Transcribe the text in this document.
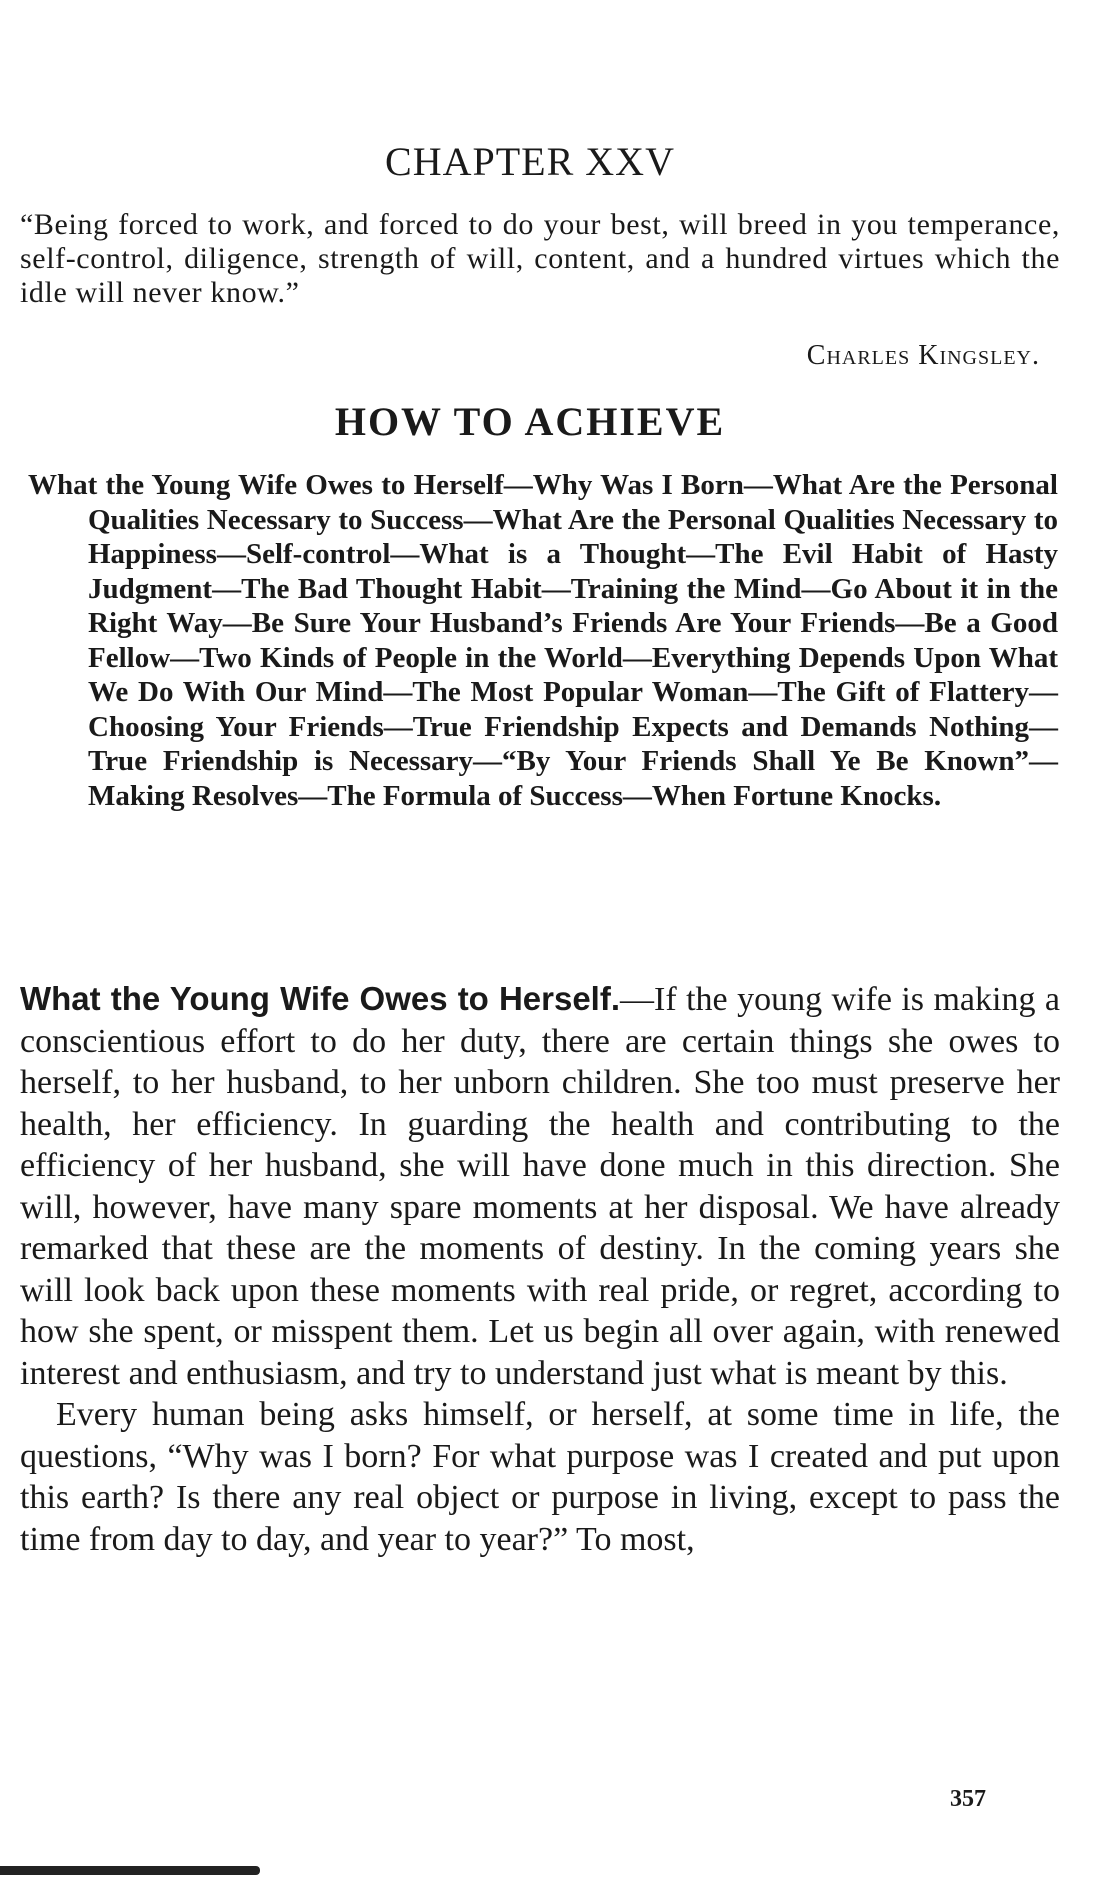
CHAPTER XXV
“Being forced to work, and forced to do your best, will breed in you temperance, self-control, diligence, strength of will, content, and a hundred virtues which the idle will never know.”
Charles Kingsley.
HOW TO ACHIEVE
What the Young Wife Owes to Herself—Why Was I Born—What Are the Personal Qualities Necessary to Success—What Are the Personal Qualities Necessary to Happiness—Self-control—What is a Thought—The Evil Habit of Hasty Judgment—The Bad Thought Habit—Training the Mind—Go About it in the Right Way—Be Sure Your Husband’s Friends Are Your Friends—Be a Good Fellow—Two Kinds of People in the World—Everything Depends Upon What We Do With Our Mind—The Most Popular Woman—The Gift of Flattery—Choosing Your Friends—True Friendship Expects and Demands Nothing—True Friendship is Necessary—“By Your Friends Shall Ye Be Known”—Making Resolves—The Formula of Success—When Fortune Knocks.

What the Young Wife Owes to Herself.—If the young wife is making a conscientious effort to do her duty, there are certain things she owes to herself, to her husband, to her unborn children. She too must preserve her health, her efficiency. In guarding the health and contributing to the efficiency of her husband, she will have done much in this direction. She will, however, have many spare moments at her disposal. We have already remarked that these are the moments of destiny. In the coming years she will look back upon these moments with real pride, or regret, according to how she spent, or misspent them. Let us begin all over again, with renewed interest and enthusiasm, and try to understand just what is meant by this.

Every human being asks himself, or herself, at some time in life, the questions, “Why was I born? For what purpose was I created and put upon this earth? Is there any real object or purpose in living, except to pass the time from day to day, and year to year?” To most,

357
